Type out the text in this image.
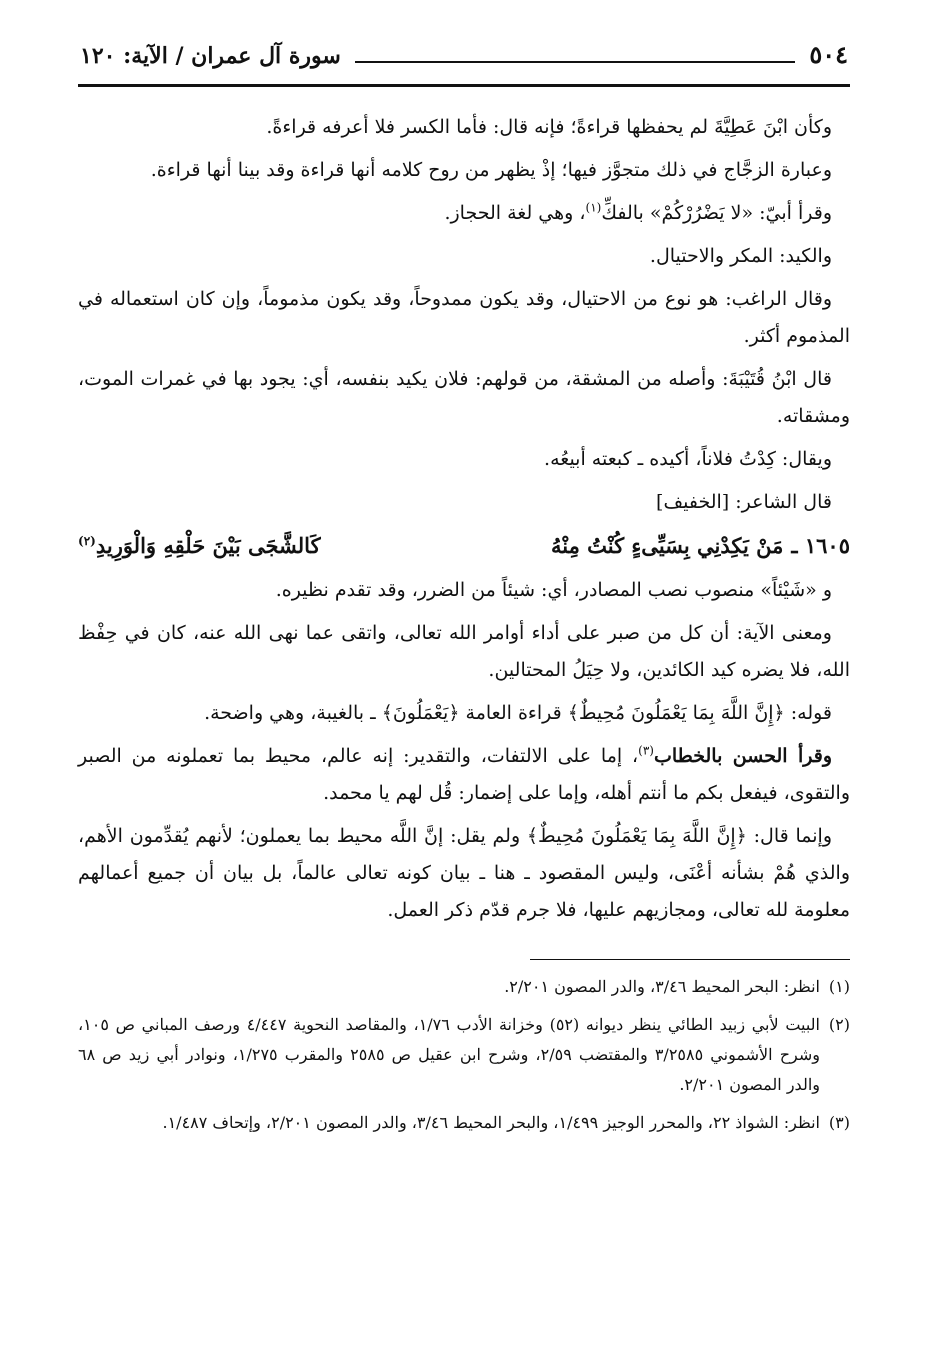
٥٠٤
سورة آل عمران / الآية: ١٢٠

وكأن ابْنَ عَطِيَّةَ لم يحفظها قراءةً؛ فإنه قال: فأما الكسر فلا أعرفه قراءةً.

وعبارة الزجَّاج في ذلك متجوَّز فيها؛ إذْ يظهر من روح كلامه أنها قراءة وقد بينا أنها قراءة.

وقرأ أبيّ: «لا يَضْرُرْكُمْ» بالفكِّ$^{(١)}$، وهي لغة الحجاز.

والكيد: المكر والاحتيال.

وقال الراغب: هو نوع من الاحتيال، وقد يكون ممدوحاً، وقد يكون مذموماً، وإن كان استعماله في المذموم أكثر.

قال ابْنُ قُتَيْبَةَ: وأصله من المشقة، من قولهم: فلان يكيد بنفسه، أي: يجود بها في غمرات الموت، ومشقاته.

ويقال: كِدْتُ فلاناً، أكيده ـ كبعته أبيعُه.

قال الشاعر: [الخفيف]

١٦٠٥ ـ
مَنْ يَكِدْنِي بِسَيِّىءٍ كُنْتُ مِنْهُ
كَالشَّجَى بَيْنَ حَلْقِهِ وَالْوَرِيدِ$^{(٢)}$

و «شَيْئاً» منصوب نصب المصادر، أي: شيئاً من الضرر، وقد تقدم نظيره.

ومعنى الآية: أن كل من صبر على أداء أوامر الله تعالى، واتقى عما نهى الله عنه، كان في حِفْظ الله، فلا يضره كيد الكائدين، ولا حِيَلُ المحتالين.

قوله: ﴿إِنَّ اللَّهَ بِمَا يَعْمَلُونَ مُحِيطٌ﴾ قراءة العامة ﴿يَعْمَلُونَ﴾ ـ بالغيبة، وهي واضحة.

وقرأ الحسن بالخطاب$^{(٣)}$، إما على الالتفات، والتقدير: إنه عالم، محيط بما تعملونه من الصبر والتقوى، فيفعل بكم ما أنتم أهله، وإما على إضمار: قُل لهم يا محمد.

وإنما قال: ﴿إِنَّ اللَّهَ بِمَا يَعْمَلُونَ مُحِيطٌ﴾ ولم يقل: إنَّ اللَّه محيط بما يعملون؛ لأنهم يُقدِّمون الأهم، والذي هُمْ بشأنه أعْنَى، وليس المقصود ـ هنا ـ بيان كونه تعالى عالماً، بل بيان أن جميع أعمالهم معلومة لله تعالى، ومجازيهم عليها، فلا جرم قدّم ذكر العمل.

(١)
انظر: البحر المحيط ٣/٤٦، والدر المصون ٢/٢٠١.
(٢)
البيت لأبي زبيد الطائي ينظر ديوانه (٥٢) وخزانة الأدب ١/٧٦، والمقاصد النحوية ٤/٤٤٧ ورصف المباني ص ١٠٥، وشرح الأشموني ٣/٢٥٨٥ والمقتضب ٢/٥٩، وشرح ابن عقيل ص ٢٥٨٥ والمقرب ١/٢٧٥، ونوادر أبي زيد ص ٦٨ والدر المصون ٢/٢٠١.
(٣)
انظر: الشواذ ٢٢، والمحرر الوجيز ١/٤٩٩، والبحر المحيط ٣/٤٦، والدر المصون ٢/٢٠١، وإتحاف ١/٤٨٧.
